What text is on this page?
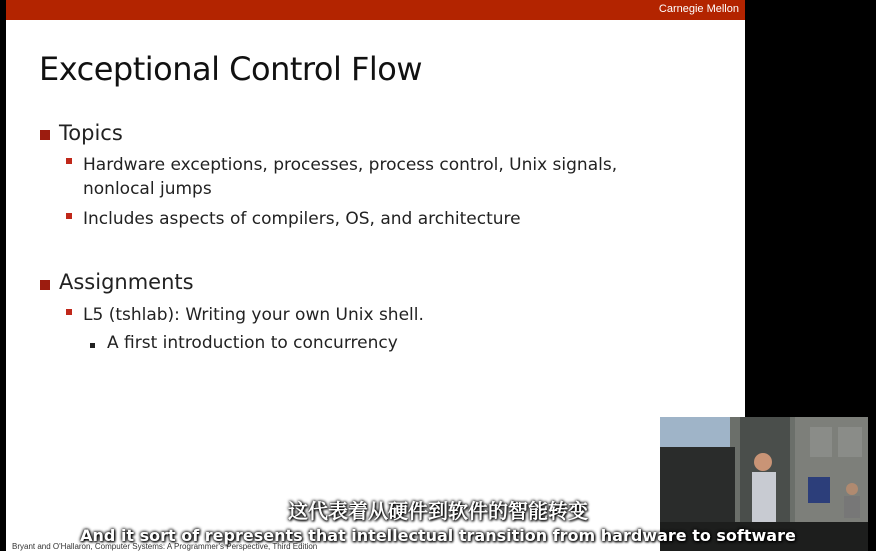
Carnegie Mellon
Exceptional Control Flow
Topics
Hardware exceptions, processes, process control, Unix signals, nonlocal jumps
Includes aspects of compilers, OS, and architecture
Assignments
L5 (tshlab): Writing your own Unix shell.
A first introduction to concurrency
Bryant and O'Hallaron, Computer Systems: A Programmer's Perspective, Third Edition
这代表着从硬件到软件的智能转变
And it sort of represents that intellectual transition from hardware to software
